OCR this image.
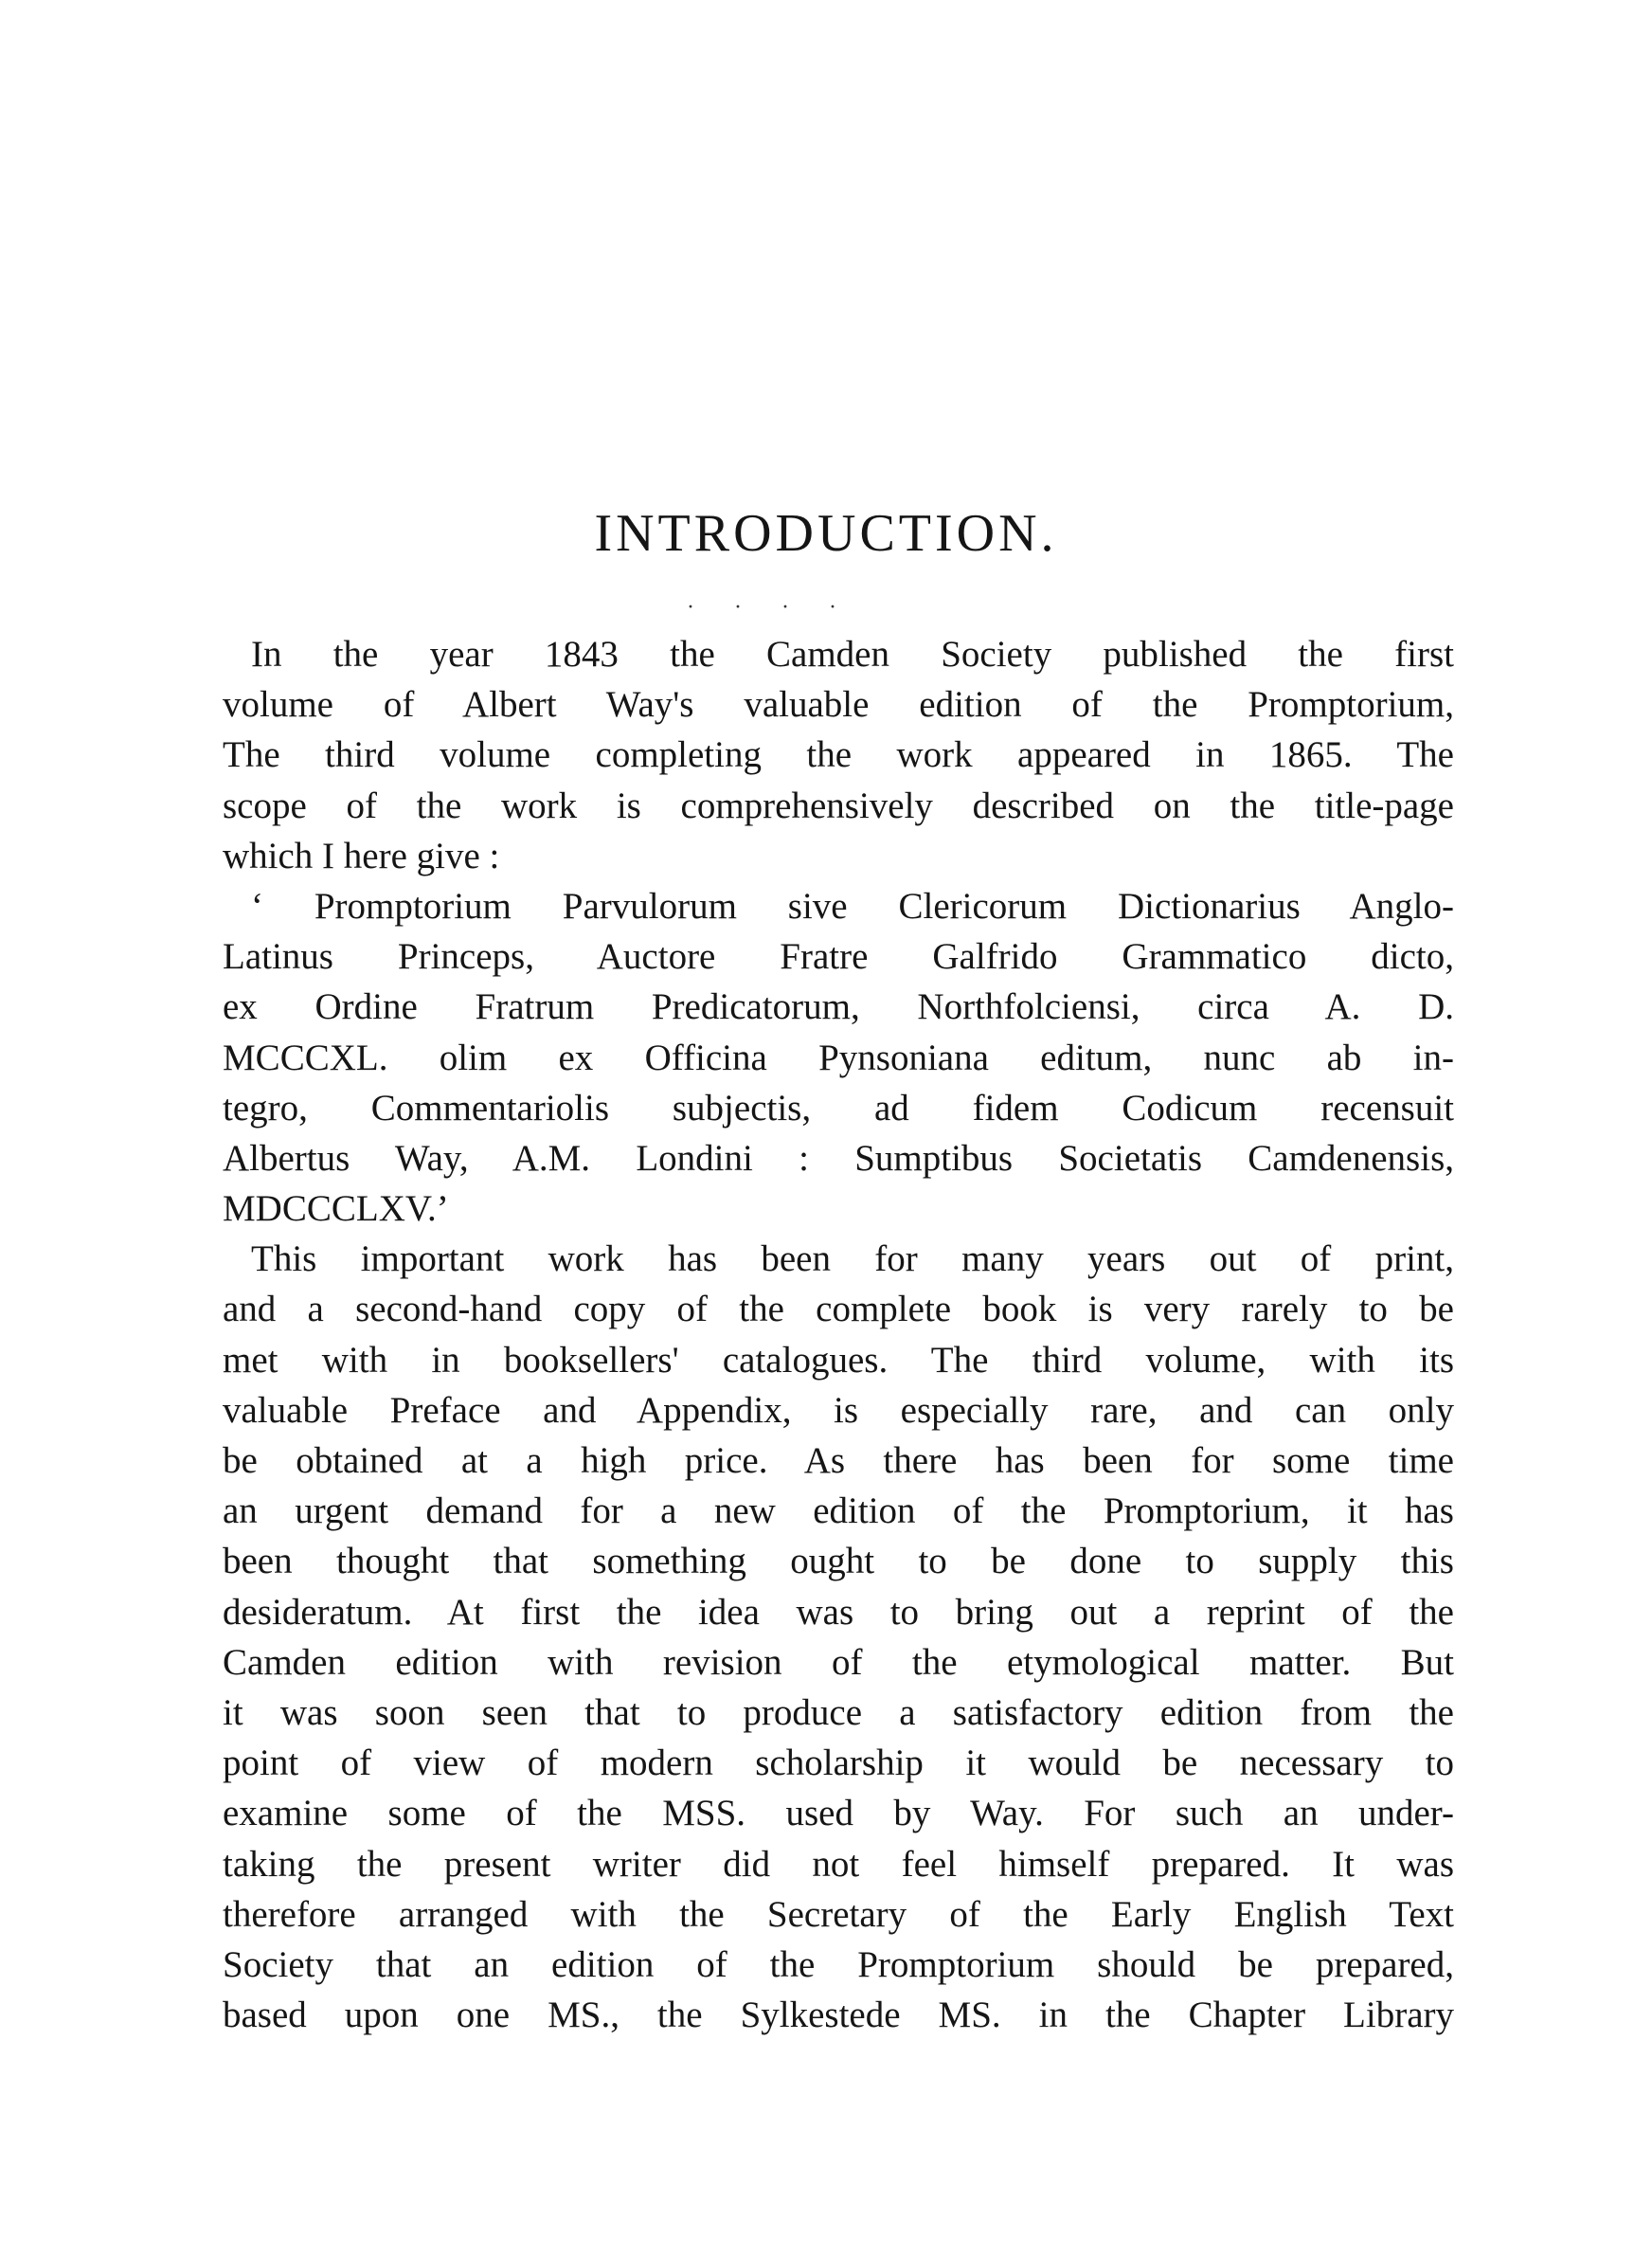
INTRODUCTION.
· · · ·
In the year 1843 the Camden Society published the first
volume of Albert Way's valuable edition of the Promptorium,
The third volume completing the work appeared in 1865. The
scope of the work is comprehensively described on the title-page
which I here give :
‘ Promptorium Parvulorum sive Clericorum Dictionarius Anglo-
Latinus Princeps, Auctore Fratre Galfrido Grammatico dicto,
ex Ordine Fratrum Predicatorum, Northfolciensi, circa A. D.
MCCCXL. olim ex Officina Pynsoniana editum, nunc ab in-
tegro, Commentariolis subjectis, ad fidem Codicum recensuit
Albertus Way, A.M. Londini : Sumptibus Societatis Camdenensis,
MDCCCLXV.’
This important work has been for many years out of print,
and a second-hand copy of the complete book is very rarely to be
met with in booksellers' catalogues. The third volume, with its
valuable Preface and Appendix, is especially rare, and can only
be obtained at a high price. As there has been for some time
an urgent demand for a new edition of the Promptorium, it has
been thought that something ought to be done to supply this
desideratum. At first the idea was to bring out a reprint of the
Camden edition with revision of the etymological matter. But
it was soon seen that to produce a satisfactory edition from the
point of view of modern scholarship it would be necessary to
examine some of the MSS. used by Way. For such an under-
taking the present writer did not feel himself prepared. It was
therefore arranged with the Secretary of the Early English Text
Society that an edition of the Promptorium should be prepared,
based upon one MS., the Sylkestede MS. in the Chapter Library
